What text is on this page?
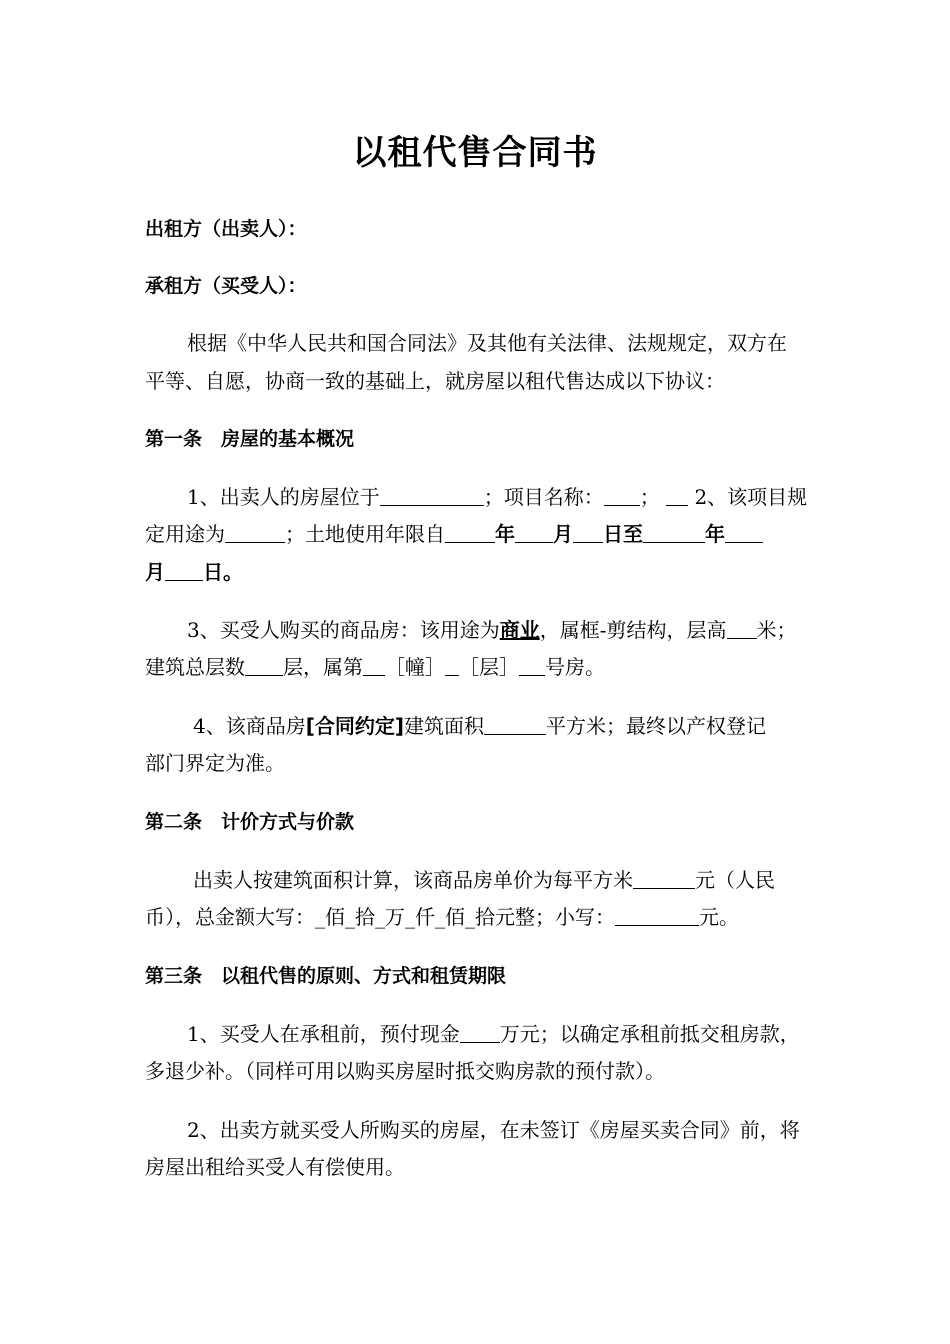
以租代售合同书
出租方（出卖人）：
承租方（买受人）：
根据《中华人民共和国合同法》及其他有关法律、法规规定，双方在
平等、自愿，协商一致的基础上，就房屋以租代售达成以下协议：
第一条　房屋的基本概况
1、出卖人的房屋位于	；项目名称： ； 2、该项目规
定用途为	；土地使用年限自	年 月 日至	年
月 日。
3、买受人购买的商品房：该用途为商业，属框-剪结构，层高 米；
建筑总层数 层，属第 ［幢］ ［层］ 号房。
4、该商品房[合同约定]建筑面积	平方米；最终以产权登记
部门界定为准。
第二条　计价方式与价款
出卖人按建筑面积计算，该商品房单价为每平方米	元（人民
币），总金额大写：_佰_拾_万_仟_佰_拾元整；小写：	元。
第三条　以租代售的原则、方式和租赁期限
1、买受人在承租前，预付现金 万元；以确定承租前抵交租房款，
多退少补。（同样可用以购买房屋时抵交购房款的预付款）。
2、出卖方就买受人所购买的房屋，在未签订《房屋买卖合同》前，将
房屋出租给买受人有偿使用。
